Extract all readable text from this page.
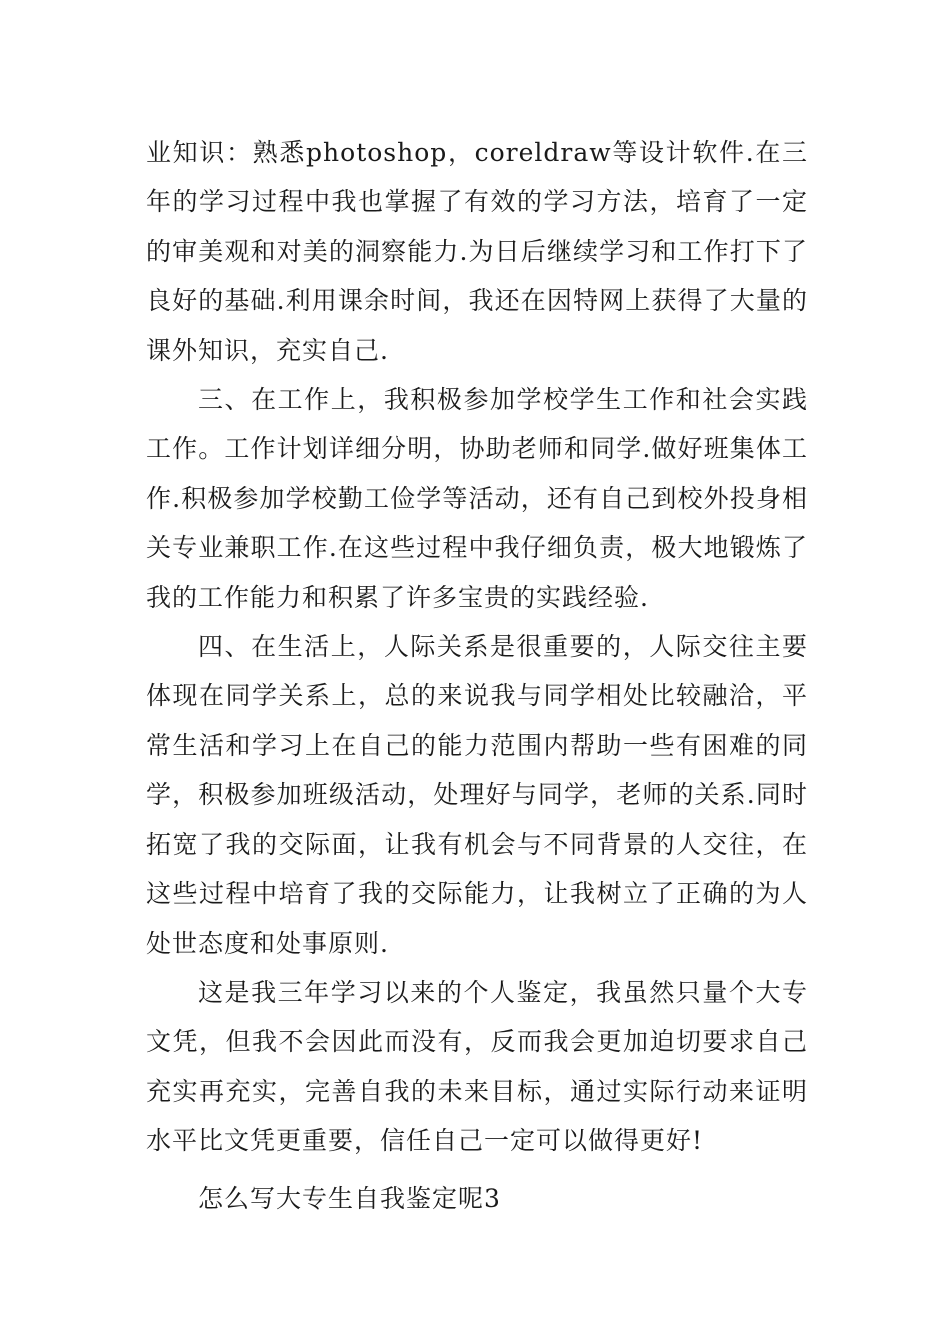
业知识：熟悉photoshop，coreldraw等设计软件.在三年的学习过程中我也掌握了有效的学习方法，培育了一定的审美观和对美的洞察能力.为日后继续学习和工作打下了良好的基础.利用课余时间，我还在因特网上获得了大量的课外知识，充实自己.

三、在工作上，我积极参加学校学生工作和社会实践工作。工作计划详细分明，协助老师和同学.做好班集体工作.积极参加学校勤工俭学等活动，还有自己到校外投身相关专业兼职工作.在这些过程中我仔细负责，极大地锻炼了我的工作能力和积累了许多宝贵的实践经验.

四、在生活上，人际关系是很重要的，人际交往主要体现在同学关系上，总的来说我与同学相处比较融洽，平常生活和学习上在自己的能力范围内帮助一些有困难的同学，积极参加班级活动，处理好与同学，老师的关系.同时拓宽了我的交际面，让我有机会与不同背景的人交往，在这些过程中培育了我的交际能力，让我树立了正确的为人处世态度和处事原则.

这是我三年学习以来的个人鉴定，我虽然只量个大专文凭，但我不会因此而没有，反而我会更加迫切要求自己充实再充实，完善自我的未来目标，通过实际行动来证明水平比文凭更重要，信任自己一定可以做得更好!

怎么写大专生自我鉴定呢3
